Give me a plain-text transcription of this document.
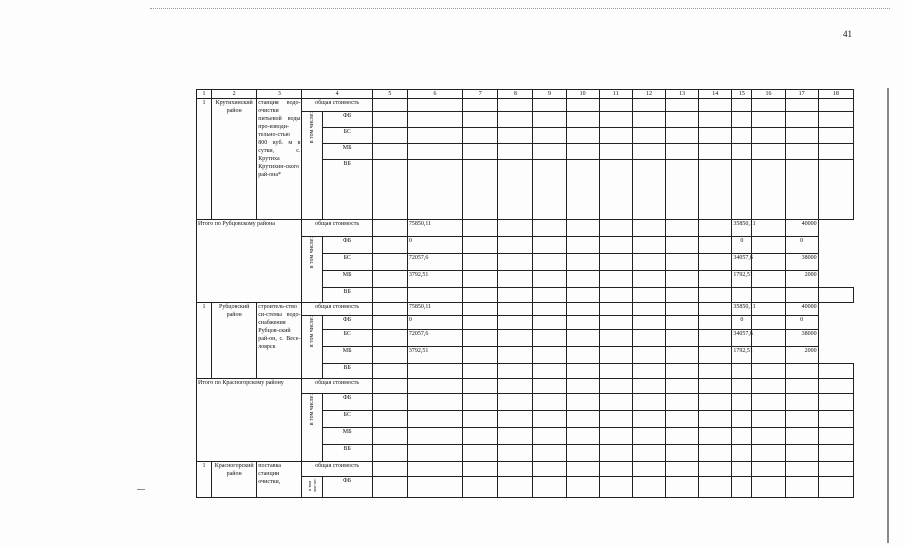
41
1	2	3	4		5	6	7	8	9	10	11	12	13	14	15	16	17	18
1	Крутихинский район	станция водо-очистки питьевой воды про-изводи-тельно-стью 800 куб. м в сутки, с. Крутиха Крутихин-ского рай-она*	общая стоимость															
			в том числе:	ФБ														
				БС														
				МБ														
				ВБ														
Итого по Рубцовскому района			общая стоимость			75850,11									35850,11		40000	
			в том числе:	ФБ		0									0		0	
				БС		72057,6									34057,6		38000	
				МБ		3792,51									1792,51		2000	
				ВБ														
1	Рубцовский район	строитель-ство си-стемы водо-снабжения Рубцов-ский рай-он, с. Весе-лоярск	общая стоимость			75850,11									35850,11		40000	
			в том числе:	ФБ		0									0		0	
				БС		72057,6									34057,6		38000	
				МБ		3792,51									1792,51		2000	
				ВБ														
Итого по Красногорскому району			общая стоимость															
			в том числе:	ФБ														
				БС														
				МБ														
				ВБ														
1	Красногорский район	поставка станции очистки,	общая стоимость															
			в том чис-ле:	ФБ														
